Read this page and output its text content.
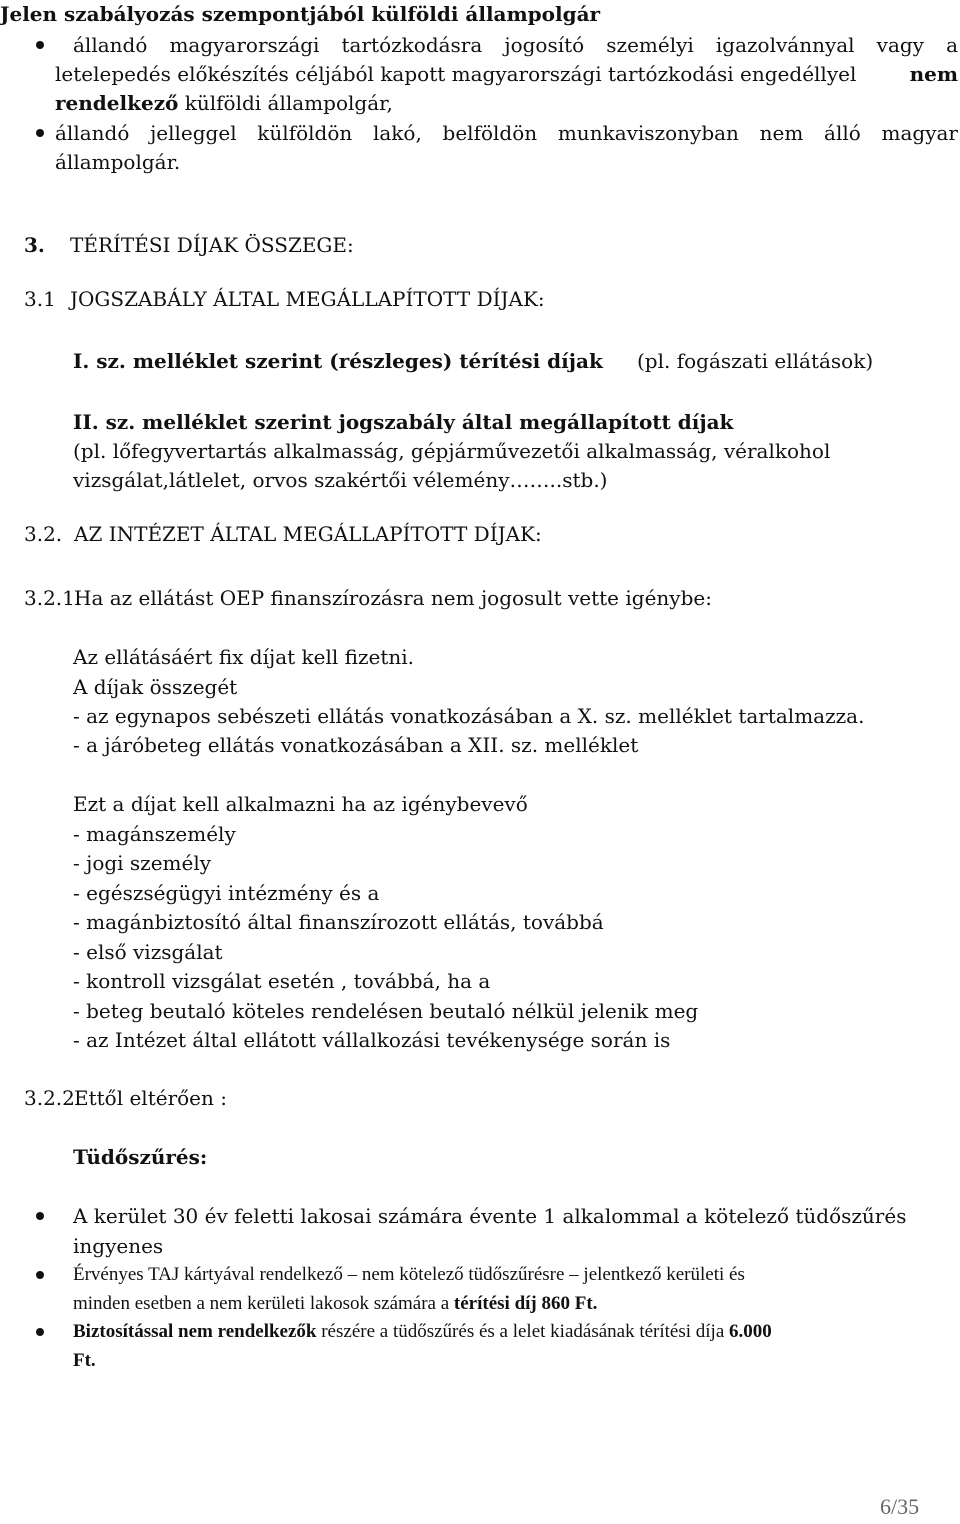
Jelen szabályozás szempontjából külföldi állampolgár
állandó magyarországi tartózkodásra jogosító személyi igazolvánnyal vagy a
letelepedés előkészítés céljából kapott magyarországi tartózkodási engedéllyel	nem
rendelkező külföldi állampolgár,
állandó jelleggel külföldön lakó, belföldön munkaviszonyban nem álló magyar
állampolgár.
3. TÉRÍTÉSI DÍJAK ÖSSZEGE:
3.1 JOGSZABÁLY ÁLTAL MEGÁLLAPÍTOTT DÍJAK:
I. sz. melléklet szerint (részleges) térítési díjak (pl. fogászati ellátások)
II. sz. melléklet szerint jogszabály által megállapított díjak
(pl. lőfegyvertartás alkalmasság, gépjárművezetői alkalmasság, véralkohol
vizsgálat,látlelet, orvos szakértői vélemény……..stb.)
3.2. AZ INTÉZET ÁLTAL MEGÁLLAPÍTOTT DÍJAK:
3.2.1.
Ha az ellátást OEP finanszírozásra nem jogosult vette igénybe:
Az ellátásáért fix díjat kell fizetni.
A díjak összegét
- az egynapos sebészeti ellátás vonatkozásában a X. sz. melléklet tartalmazza.
- a járóbeteg ellátás vonatkozásában a XII. sz. melléklet
Ezt a díjat kell alkalmazni ha az igénybevevő
- magánszemély
- jogi személy
- egészségügyi intézmény és a
- magánbiztosító által finanszírozott ellátás, továbbá
- első vizsgálat
- kontroll vizsgálat esetén , továbbá, ha a
- beteg beutaló köteles rendelésen beutaló nélkül jelenik meg
- az Intézet által ellátott vállalkozási tevékenysége során is
3.2.2.
Ettől eltérően :
Tüdőszűrés:
A kerület 30 év feletti lakosai számára évente 1 alkalommal a kötelező tüdőszűrés
ingyenes
Érvényes TAJ kártyával rendelkező – nem kötelező tüdőszűrésre – jelentkező kerületi és
minden esetben a nem kerületi lakosok számára a térítési díj 860 Ft.
Biztosítással nem rendelkezők részére a tüdőszűrés és a lelet kiadásának térítési díja 6.000
Ft.
6/35
